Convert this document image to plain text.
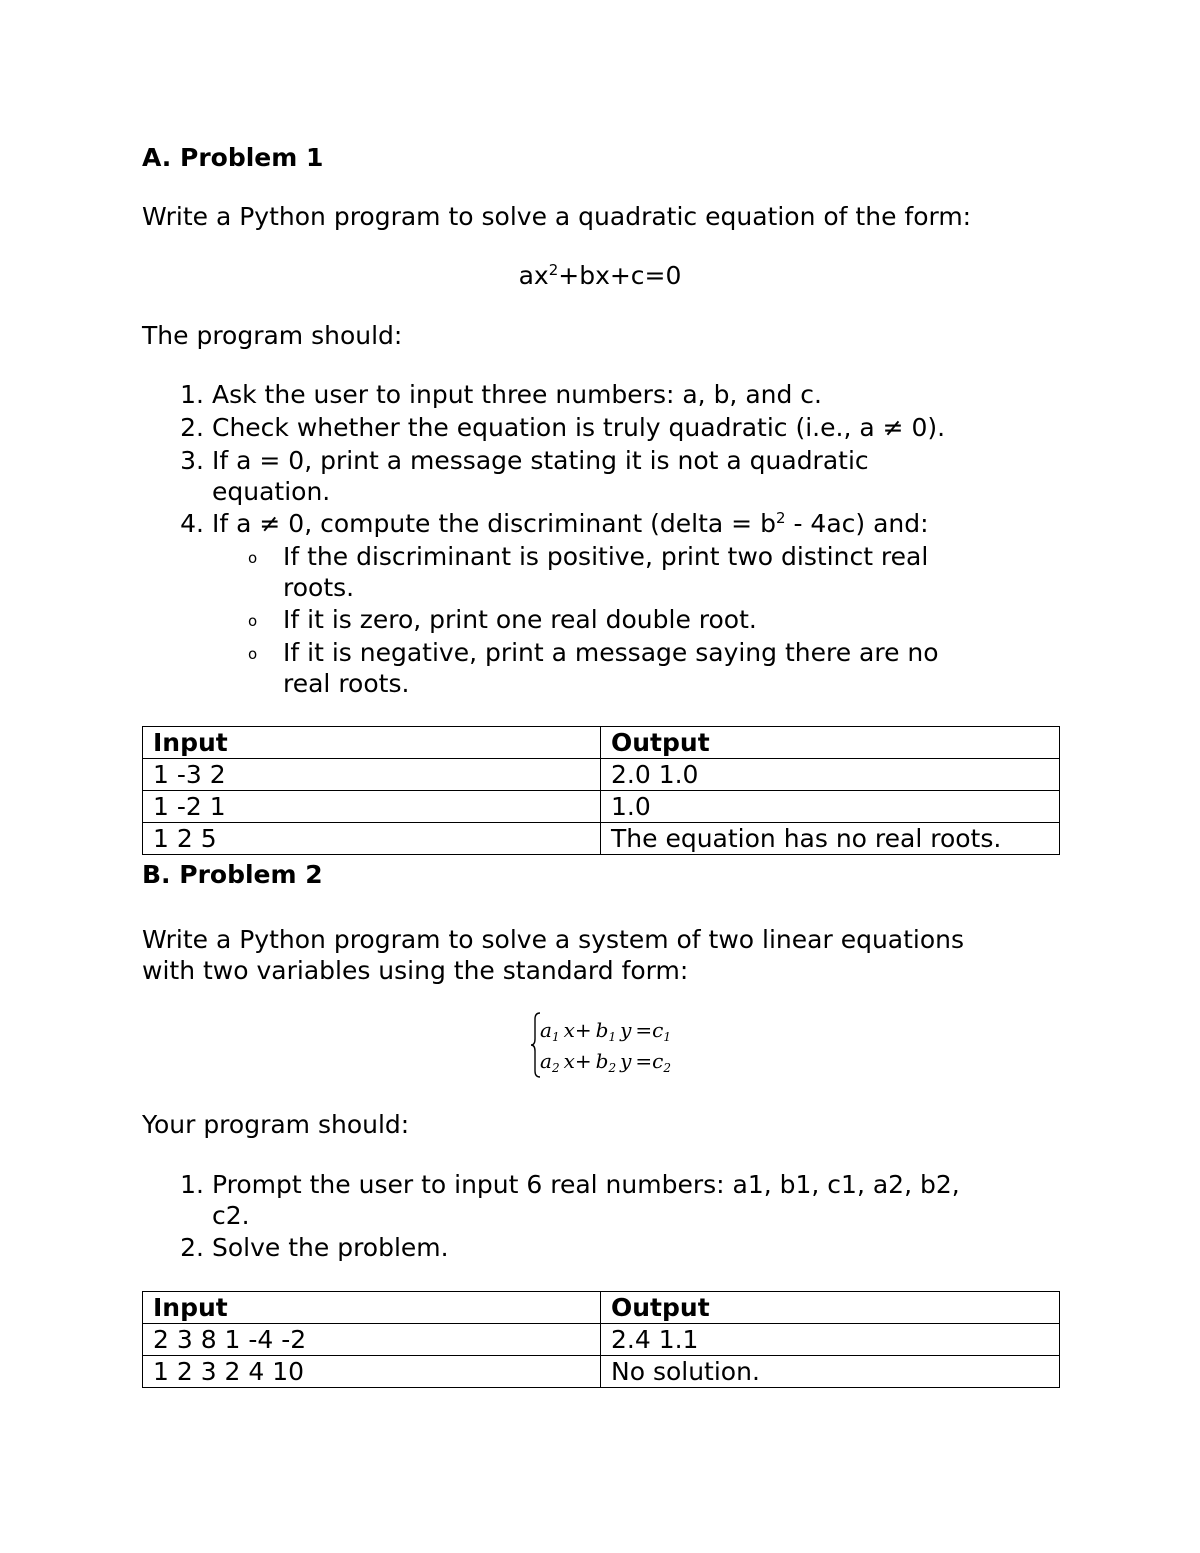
A. Problem 1
Write a Python program to solve a quadratic equation of the form:
$ax^2+bx+c=0$
The program should:
1. Ask the user to input three numbers: a, b, and c.
2. Check whether the equation is truly quadratic (i.e., a ≠ 0).
3. If a = 0, print a message stating it is not a quadratic
equation.
4. If a ≠ 0, compute the discriminant (delta = $b^2 - 4ac$) and:
o If the discriminant is positive, print two distinct real
roots.
o If it is zero, print one real double root.
o If it is negative, print a message saying there are no
real roots.
Input	Output
1 -3 2	2.0 1.0
1 -2 1	1.0
1 2 5	The equation has no real roots.
B. Problem 2
Write a Python program to solve a system of two linear equations
with two variables using the standard form:
$a_1$  $x+ b_1$  $y =c_1$
$a_2$  $x+ b_2$  $y =c_2$
Your program should:
1. Prompt the user to input 6 real numbers: a1, b1, c1, a2, b2,
c2.
2. Solve the problem.
Input	Output
2 3 8 1 -4 -2	2.4 1.1
1 2 3 2 4 10	No solution.
